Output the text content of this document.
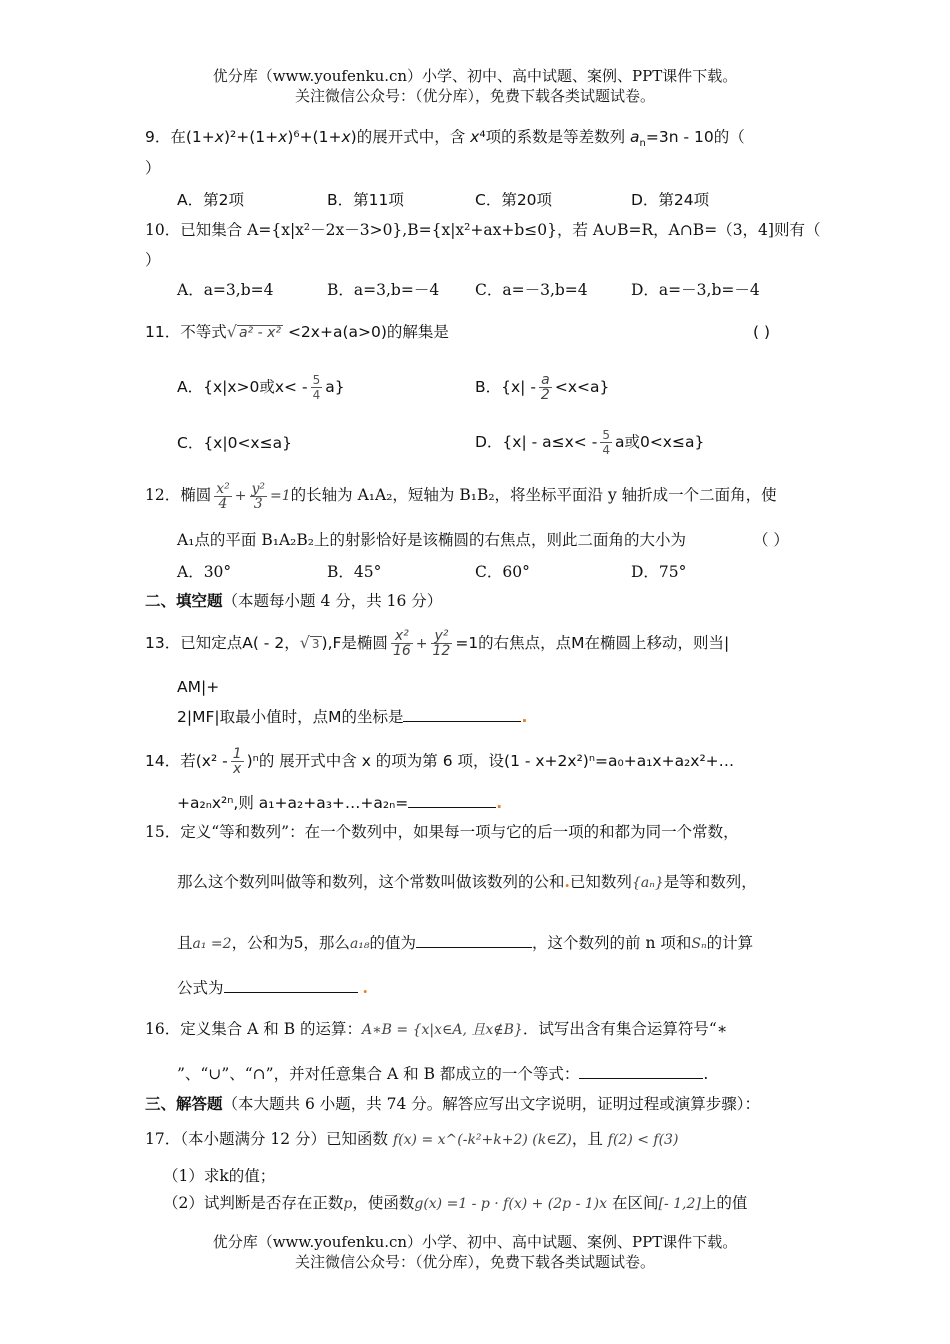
优分库（www.youfenku.cn）小学、初中、高中试题、案例、PPT课件下载。
关注微信公众号：（优分库），免费下载各类试题试卷。
9．在(1+x)²+(1+x)⁶+(1+x)的展开式中，含 x⁴项的系数是等差数列 $a_n=3n - 10$的（
）
A．第2项	B．第11项	C．第20项	D．第24项
10．已知集合 A={x|x²－2x－3>0},B={x|x²+ax+b≤0}，若 A∪B=R，A∩B=（3，4]则有（
）
A．a=3,b=4	B．a=3,b=－4 C．a=－3,b=4	D．a=－3,b=－4
11．不等式√ a² - x² <2x+a(a>0)的解集是	( )
A．{x|x>0或$x< - \frac{5}{4} a$}	B．$\{x| - \frac{a}{2} <x<a\}$
C．{x|0<x≤a}	D．{$x| - a\le x< - \frac{5}{4}$ a或0<x≤a}
12．椭圆 $\frac{\text{x²}}{4} + \frac{\text{y²}}{3} =1$的长轴为 A₁A₂，短轴为 B₁B₂，将坐标平面沿 y 轴折成一个二面角，使
A₁点的平面 B₁A₂B₂上的射影恰好是该椭圆的右焦点，则此二面角的大小为	（ ）
A．30°	B．45°	C．60°	D．75°
二、填空题（本题每小题 4 分，共 16 分）
13．已知定点A( - 2，√ 3 ),F是椭圆 $\frac{\text{x²}}{16} + \frac{\text{y²}}{12} =1$的右焦点，点M在椭圆上移动，则当|
AM|+
2|MF|取最小值时，点M的坐标是	.
14．若$(x^2 - \frac{1}{x} )^n$的 展开式中含 x 的项为第 6 项，设(1 - x+2x²)ⁿ=a₀+a₁x+a₂x²+…
+a₂ₙx²ⁿ,则 a₁+a₂+a₃+…+a₂ₙ=	.
15．定义“等和数列”：在一个数列中，如果每一项与它的后一项的和都为同一个常数，
那么这个数列叫做等和数列，这个常数叫做该数列的公和.已知数列{aₙ}是等和数列，
且a₁ =2，公和为5，那么a₁₈的值为	，这个数列的前 n 项和Sₙ的计算
公式为	.
16．定义集合 A 和 B 的运算：A∗B = {x|x∈A, 且x∉B}．试写出含有集合运算符号“∗
”、“∪”、“∩”，并对任意集合 A 和 B 都成立的一个等式：	.
三、解答题（本大题共 6 小题，共 74 分。解答应写出文字说明，证明过程或演算步骤）：
17．（本小题满分 12 分）已知函数 f(x) = x^(-k²+k+2) (k∈Z)，且 f(2) < f(3)
（1）求k的值；
（2）试判断是否存在正数p，使函数g(x) =1 - p · f(x) + (2p - 1)x 在区间[- 1,2]上的值
优分库（www.youfenku.cn）小学、初中、高中试题、案例、PPT课件下载。
关注微信公众号：（优分库），免费下载各类试题试卷。
